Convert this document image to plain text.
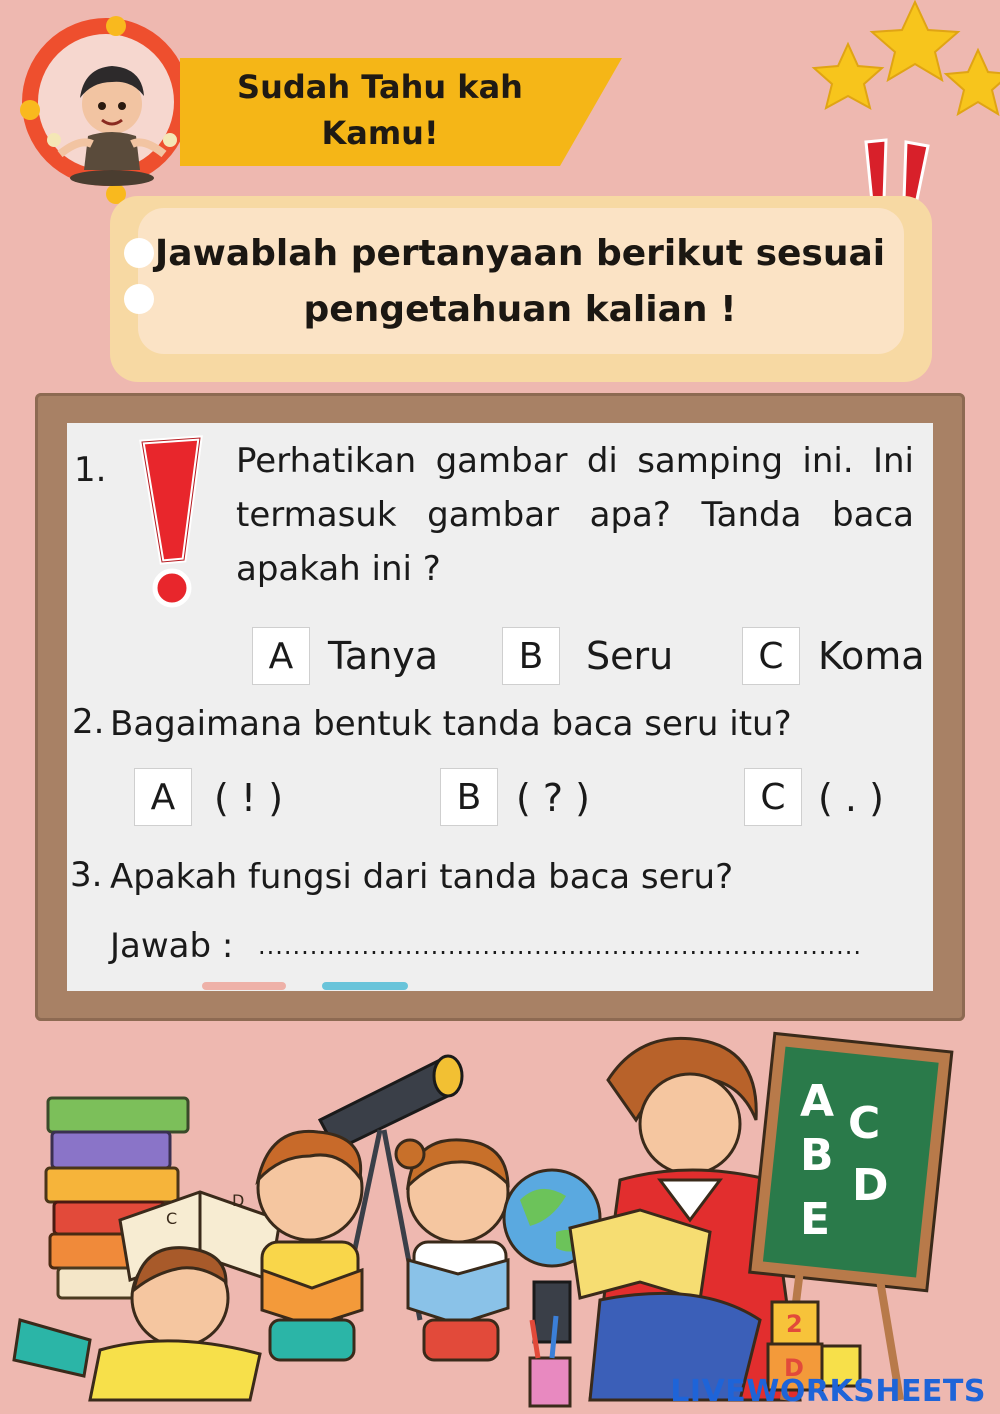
Sudah Tahu kah Kamu!
Jawablah pertanyaan berikut sesuai pengetahuan kalian !
1.	Perhatikan gambar di samping ini. Ini termasuk gambar apa? Tanda baca apakah ini ?
A Tanya	B	Seru	C Koma
2. Bagaimana bentuk tanda baca seru itu?
A	( ! )	B ( ? )	C ( . )
3. Apakah fungsi dari tanda baca seru?
Jawab : ......................................................................
C
D
A C
B
D
E
2
D
LIVEWORKSHEETS
